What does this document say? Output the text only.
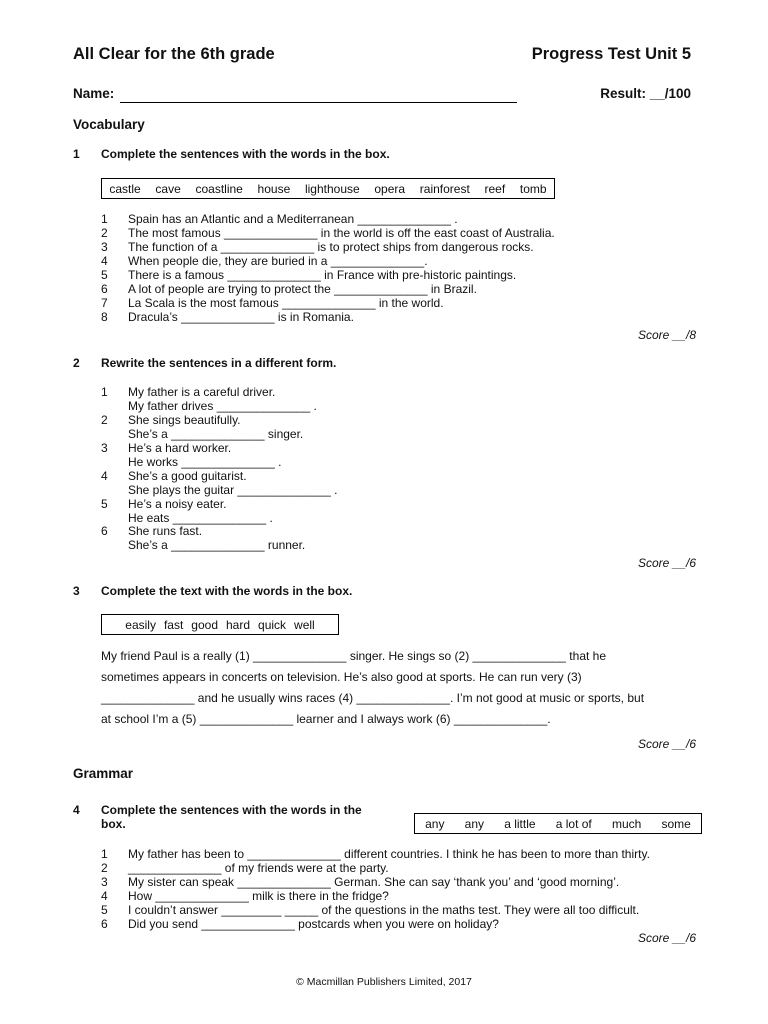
All Clear for the 6th grade	Progress Test Unit 5
Name:	Result: __/100
Vocabulary
1 Complete the sentences with the words in the box.
castle cave coastline house lighthouse opera rainforest reef tomb
1 Spain has an Atlantic and a Mediterranean ______________ .
2 The most famous ______________ in the world is off the east coast of Australia.
3 The function of a ______________ is to protect ships from dangerous rocks.
4 When people die, they are buried in a ______________.
5 There is a famous ______________ in France with pre-historic paintings.
6 A lot of people are trying to protect the ______________ in Brazil.
7 La Scala is the most famous ______________ in the world.
8 Dracula’s ______________ is in Romania.
Score __/8
2 Rewrite the sentences in a different form.
1 My father is a careful driver.
My father drives ______________ .
2 She sings beautifully.
She’s a ______________ singer.
3 He’s a hard worker.
He works ______________ .
4 She’s a good guitarist.
She plays the guitar ______________ .
5 He’s a noisy eater.
He eats ______________ .
6 She runs fast.
She’s a ______________ runner.
Score __/6
3 Complete the text with the words in the box.
easily fast good hard quick well
My friend Paul is a really (1) ______________ singer. He sings so (2) ______________ that he
sometimes appears in concerts on television. He’s also good at sports. He can run very (3)
______________ and he usually wins races (4) ______________. I’m not good at music or sports, but
at school I’m a (5) ______________ learner and I always work (6) ______________.
Score __/6
Grammar
4 Complete the sentences with the words in the
box.	any any a little a lot of much some
1 My father has been to ______________ different countries. I think he has been to more than thirty.
2 ______________ of my friends were at the party.
3 My sister can speak ______________ German. She can say ‘thank you’ and ‘good morning’.
4 How ______________ milk is there in the fridge?
5 I couldn’t answer _________ _____ of the questions in the maths test. They were all too difficult.
6 Did you send ______________ postcards when you were on holiday?
Score __/6
© Macmillan Publishers Limited, 2017
